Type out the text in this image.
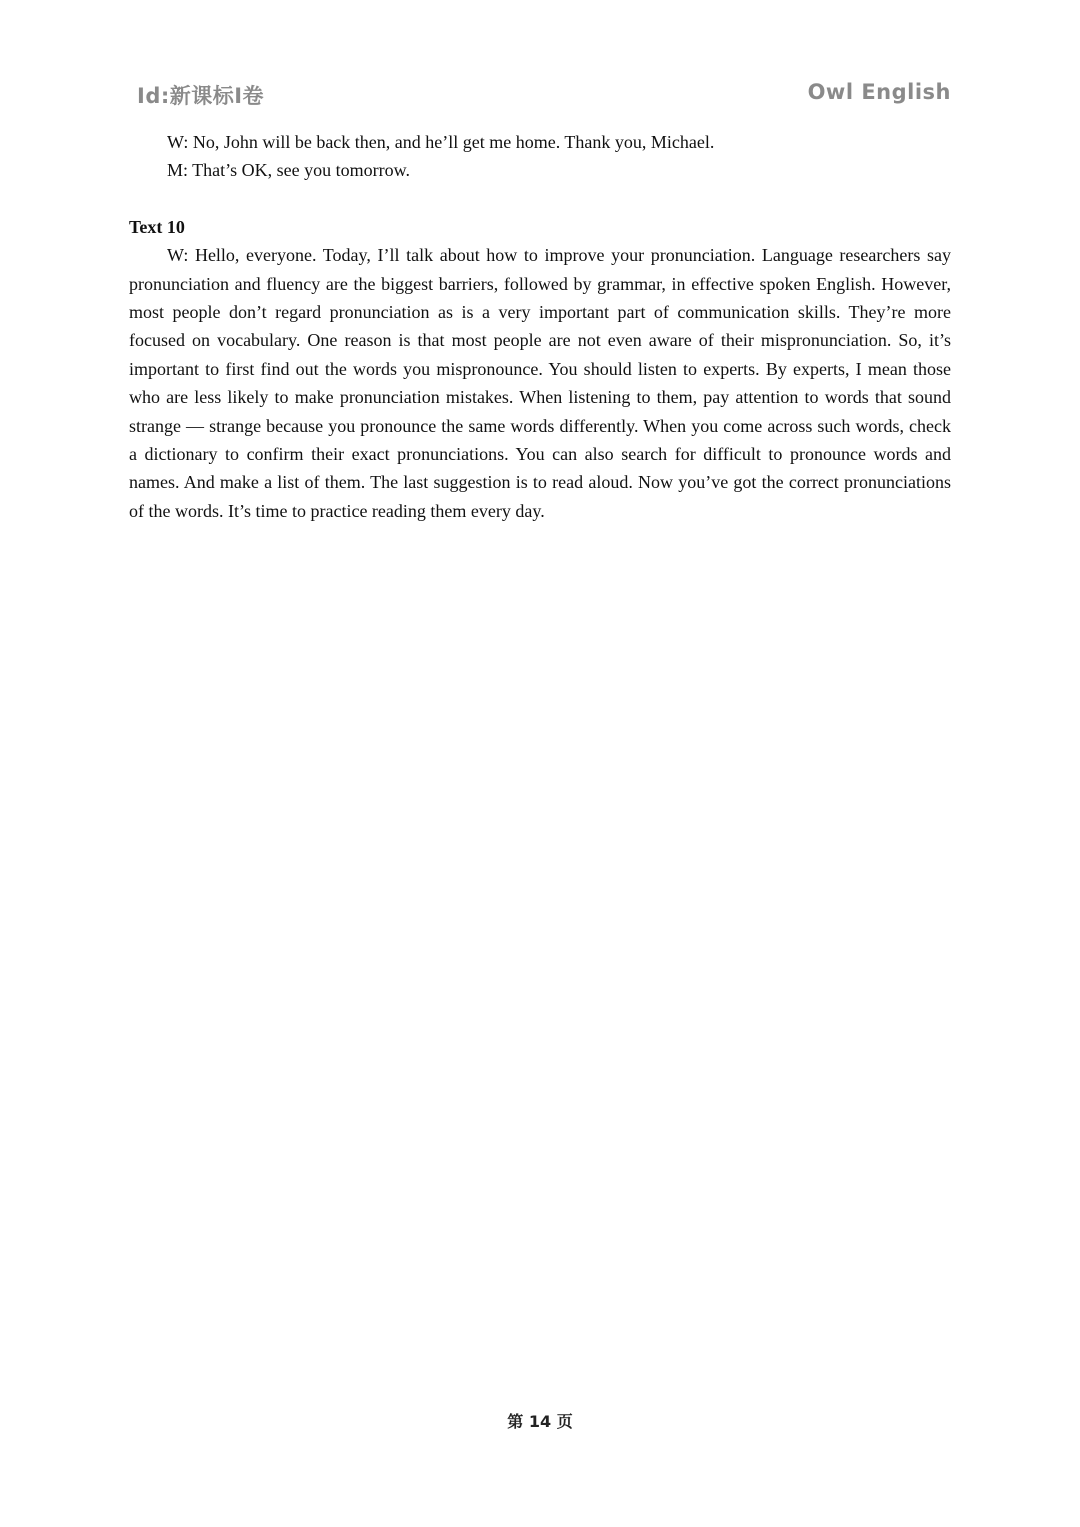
Id:新课标I卷	Owl English

W: No, John will be back then, and he’ll get me home. Thank you, Michael.

M: That’s OK, see you tomorrow.

Text 10

W: Hello, everyone. Today, I’ll talk about how to improve your pronunciation. Language researchers say pronunciation and fluency are the biggest barriers, followed by grammar, in effective spoken English. However, most people don’t regard pronunciation as is a very important part of communication skills. They’re more focused on vocabulary. One reason is that most people are not even aware of their mispronunciation. So, it’s important to first find out the words you mispronounce. You should listen to experts. By experts, I mean those who are less likely to make pronunciation mistakes. When listening to them, pay attention to words that sound strange — strange because you pronounce the same words differently. When you come across such words, check a dictionary to confirm their exact pronunciations. You can also search for difficult to pronounce words and names. And make a list of them. The last suggestion is to read aloud. Now you’ve got the correct pronunciations of the words. It’s time to practice reading them every day.

第 14 页
